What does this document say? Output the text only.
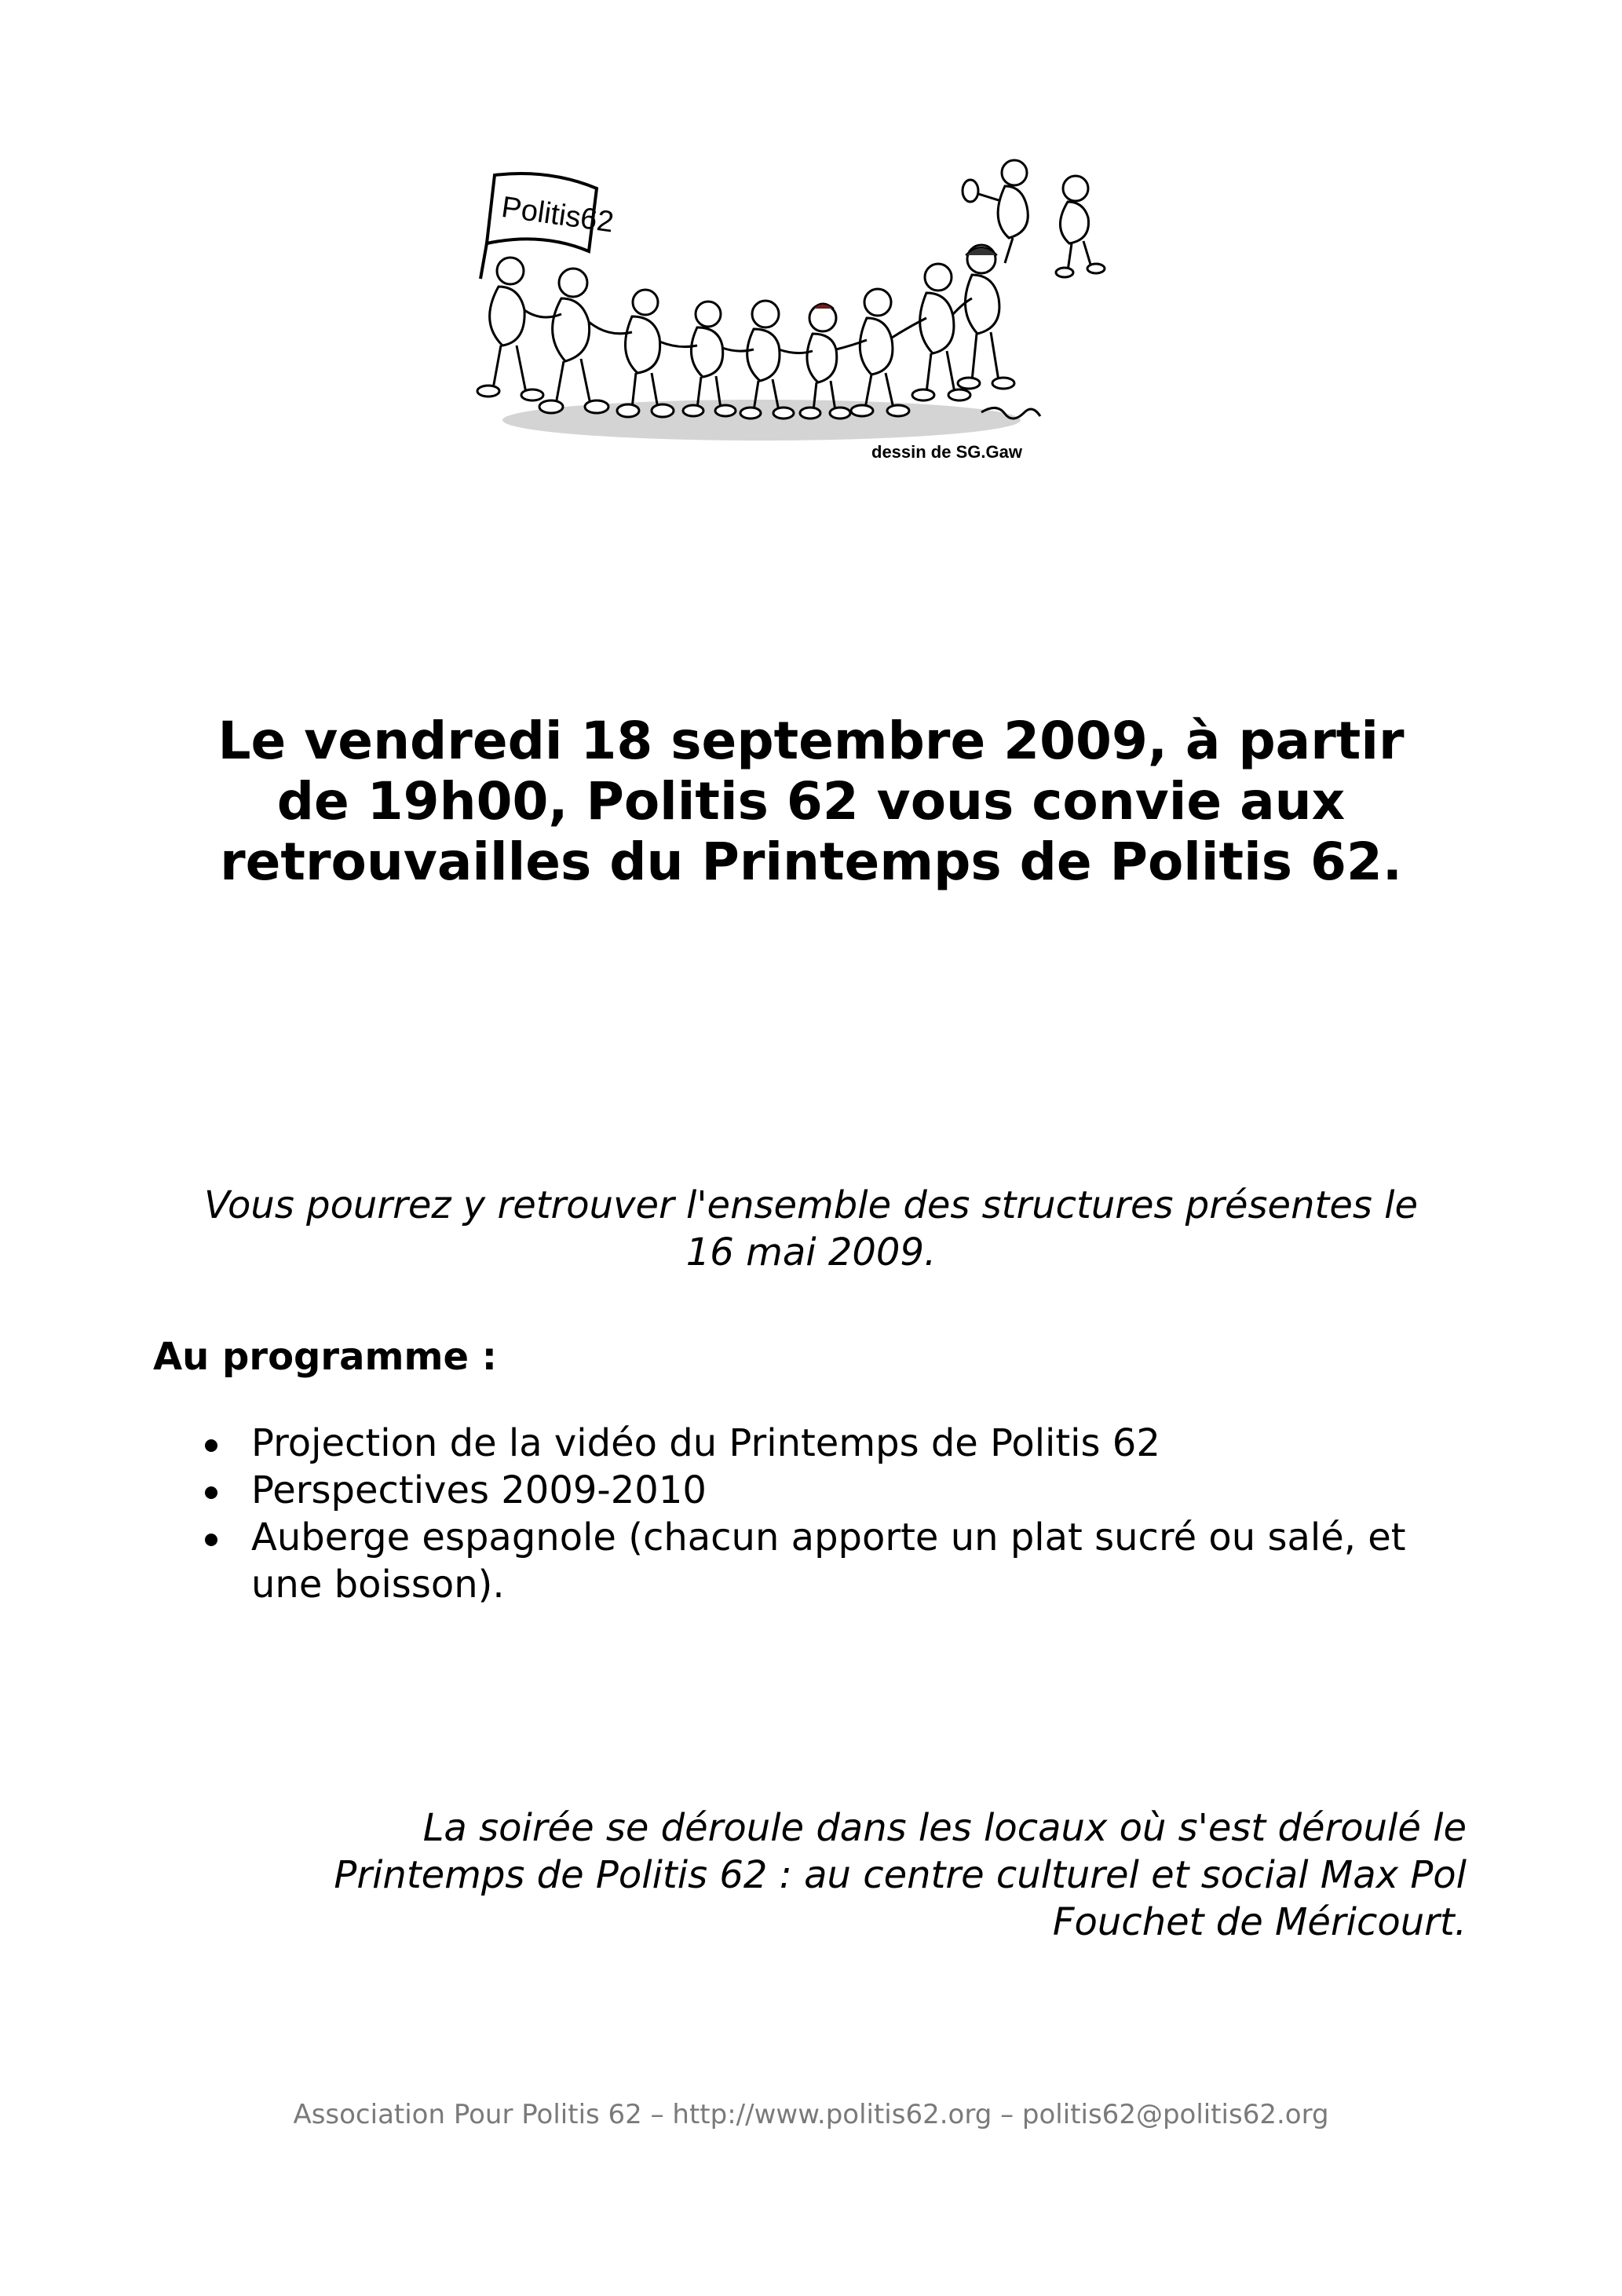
Politis62
dessin de SG.Gaw
Le vendredi 18 septembre 2009, à partir
de 19h00, Politis 62 vous convie aux
retrouvailles du Printemps de Politis 62.
Vous pourrez y retrouver l'ensemble des structures présentes le
16 mai 2009.
Au programme :
Projection de la vidéo du Printemps de Politis 62
Perspectives 2009-2010
Auberge espagnole (chacun apporte un plat sucré ou salé, et une boisson).
La soirée se déroule dans les locaux où s'est déroulé le
Printemps de Politis 62 : au centre culturel et social Max Pol
Fouchet de Méricourt.
Association Pour Politis 62 – http://www.politis62.org – politis62@politis62.org
